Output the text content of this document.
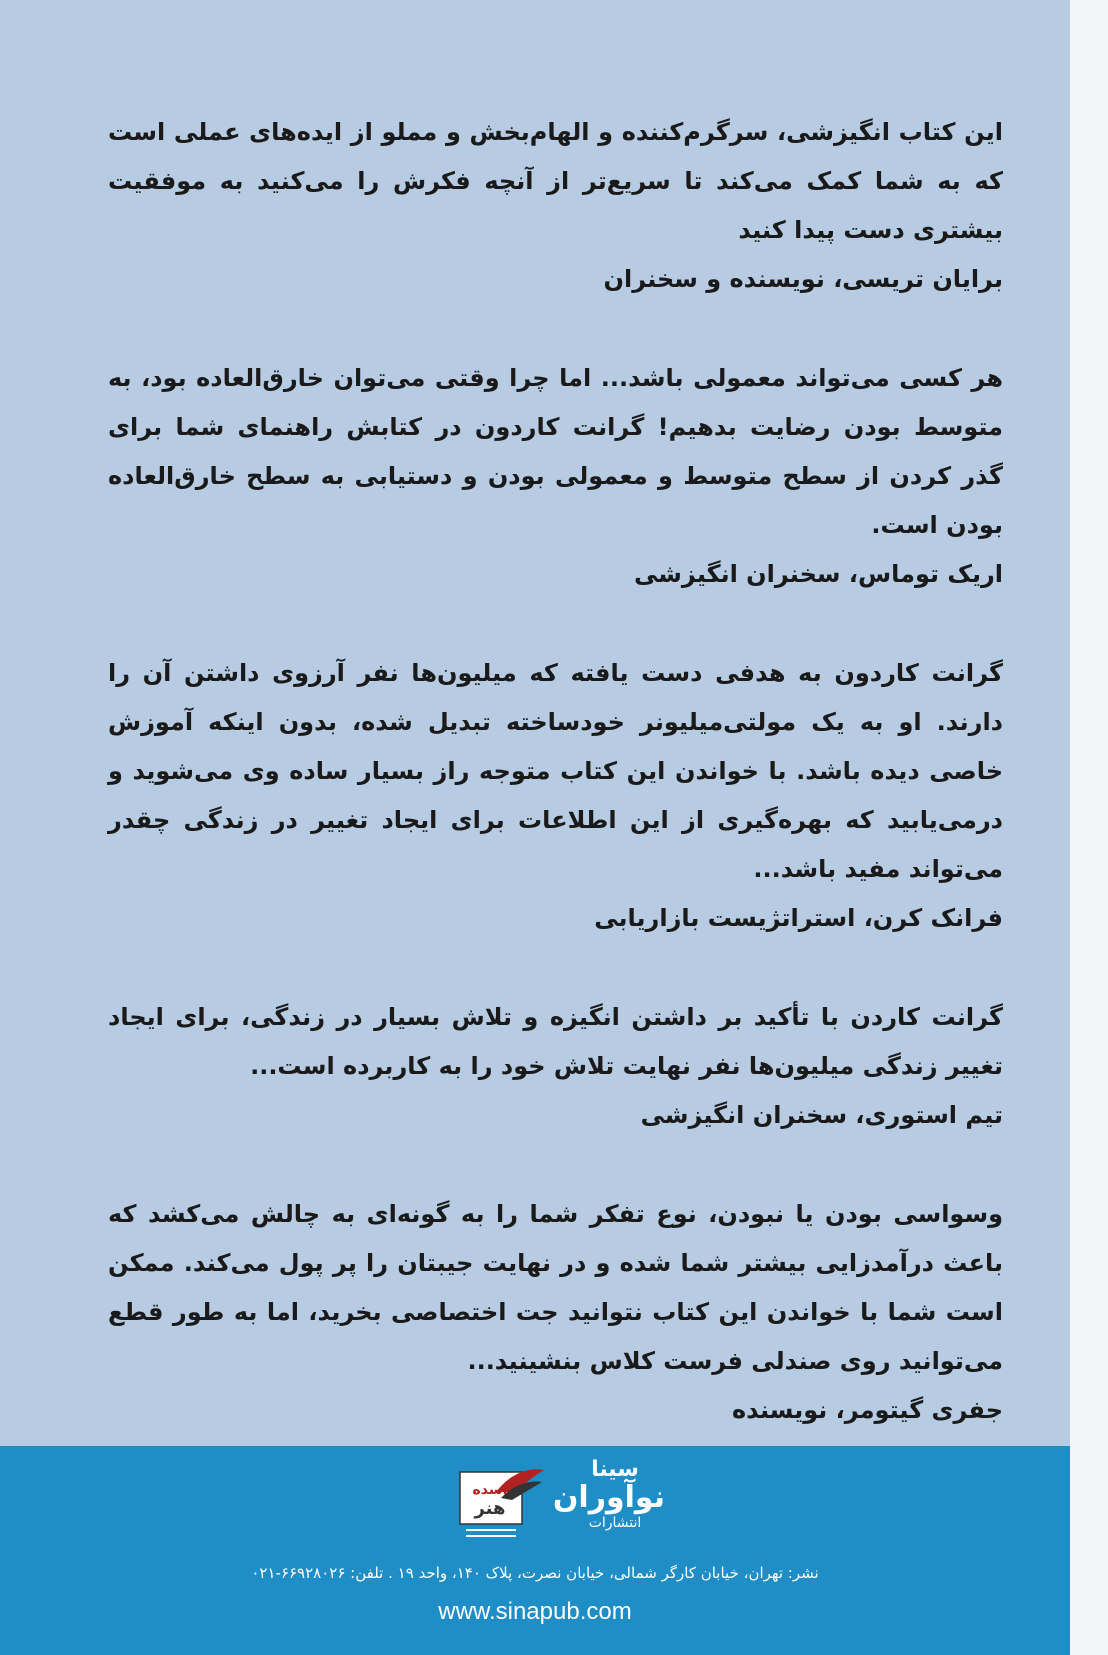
این کتاب انگیزشی، سرگرم‌کننده و الهام‌بخش و مملو از ایده‌های عملی است که به شما کمک می‌کند تا سریع‌تر از آنچه فکرش را می‌کنید به موفقیت بیشتری دست پیدا کنید

برایان تریسی، نویسنده و سخنران

هر کسی می‌تواند معمولی باشد... اما چرا وقتی می‌توان خارق‌العاده بود، به متوسط بودن رضایت بدهیم! گرانت کاردون در کتابش راهنمای شما برای گذر کردن از سطح متوسط و معمولی بودن و دستیابی به سطح خارق‌العاده بودن است.

اریک توماس، سخنران انگیزشی

گرانت کاردون به هدفی دست یافته که میلیون‌ها نفر آرزوی داشتن آن را دارند. او به یک مولتی‌میلیونر خودساخته تبدیل شده، بدون اینکه آموزش خاصی دیده باشد. با خواندن این کتاب متوجه راز بسیار ساده وی می‌شوید و درمی‌یابید که بهره‌گیری از این اطلاعات برای ایجاد تغییر در زندگی چقدر می‌تواند مفید باشد...

فرانک کرن، استراتژیست بازاریابی

گرانت کاردن با تأکید بر داشتن انگیزه و تلاش بسیار در زندگی، برای ایجاد تغییر زندگی میلیون‌ها نفر نهایت تلاش خود را به کاربرده است...

تیم استوری، سخنران انگیزشی

وسواسی بودن یا نبودن، نوع تفکر شما را به گونه‌ای به چالش می‌کشد که باعث درآمدزایی بیشتر شما شده و در نهایت جیبتان را پر پول می‌کند. ممکن است شما با خواندن این کتاب نتوانید جت اختصاصی بخرید، اما به طور قطع می‌توانید روی صندلی فرست کلاس بنشینید...

جفری گیتومر، نویسنده

سینا
نوآوران
انتشارات
اسده
هنر
نشر: تهران، خیابان کارگر شمالی، خیابان نصرت، پلاک ۱۴۰، واحد ۱۹ . تلفن: ۶۶۹۲۸۰۲۶-۰۲۱
www.sinapub.com
